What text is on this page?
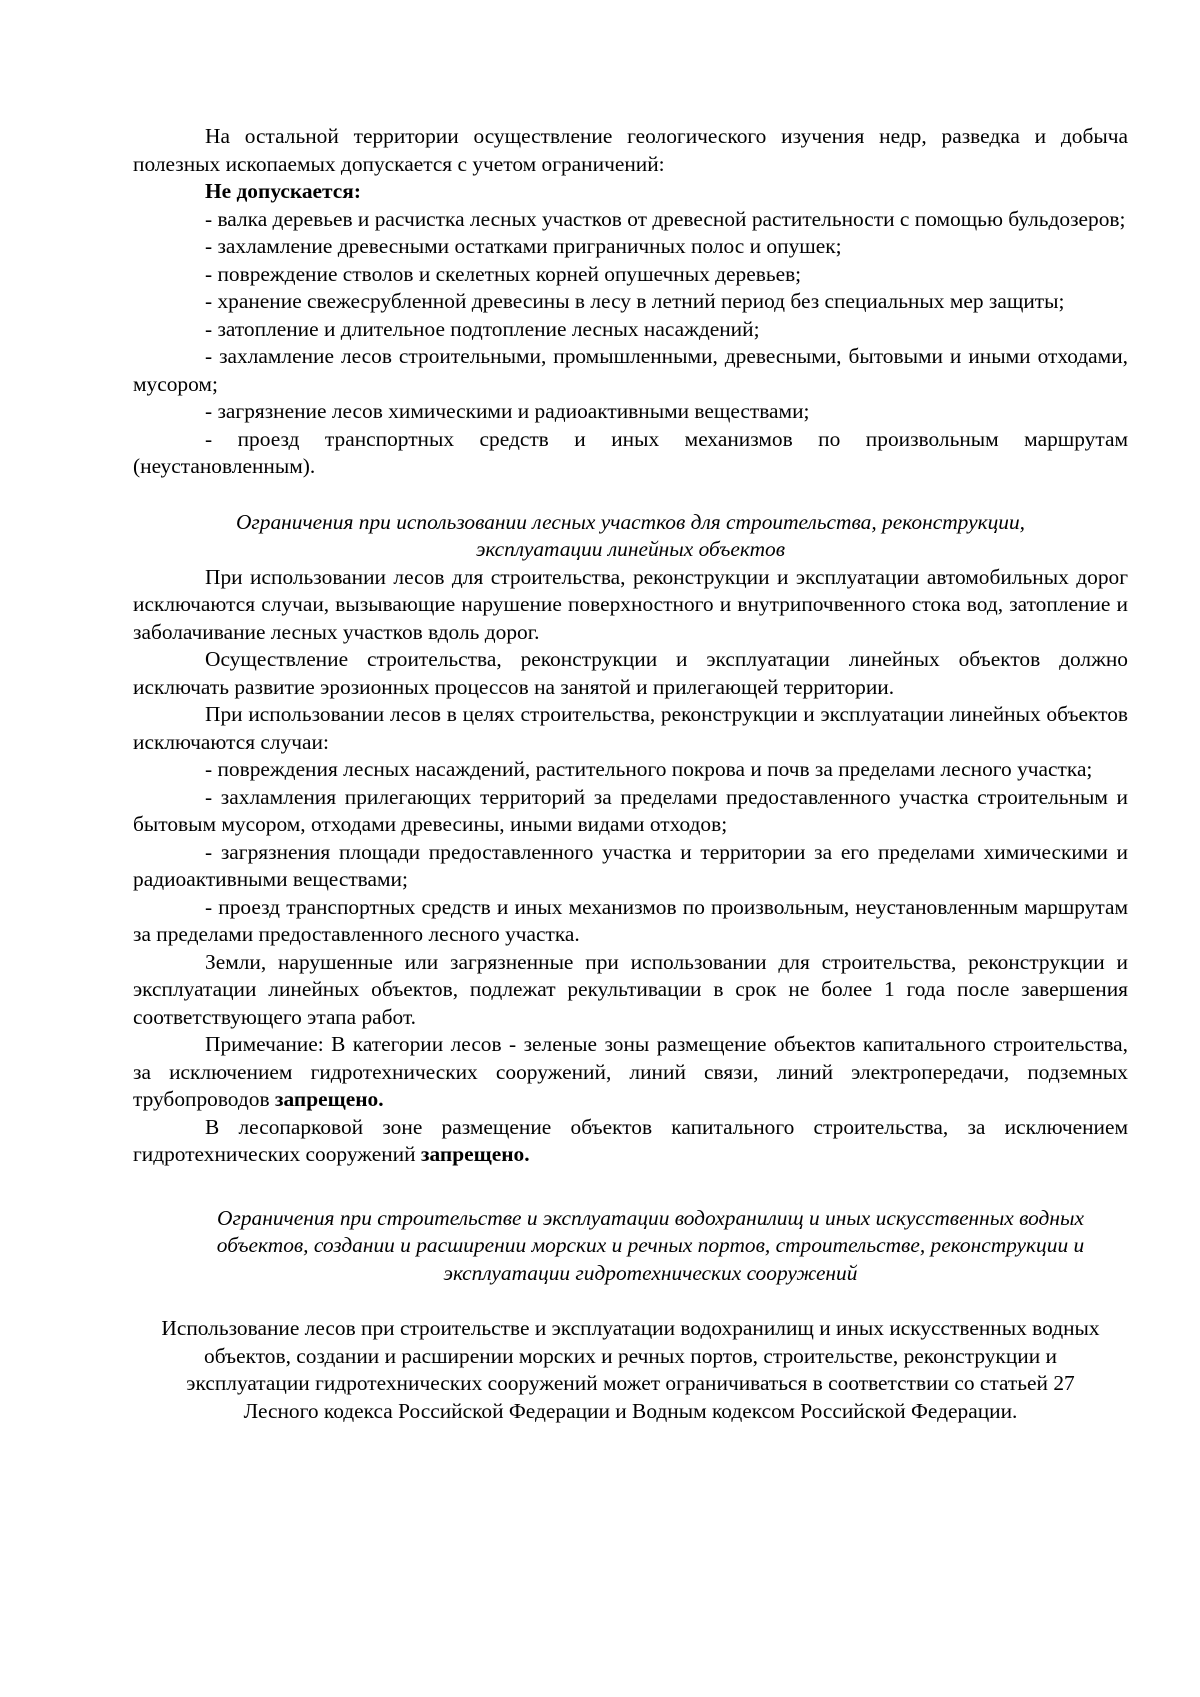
На остальной территории осуществление геологического изучения недр, разведка и добыча полезных ископаемых допускается с учетом ограничений:

Не допускается:

- валка деревьев и расчистка лесных участков от древесной растительности с помощью бульдозеров;

- захламление древесными остатками приграничных полос и опушек;

- повреждение стволов и скелетных корней опушечных деревьев;

- хранение свежесрубленной древесины в лесу в летний период без специальных мер защиты;

- затопление и длительное подтопление лесных насаждений;

- захламление лесов строительными, промышленными, древесными, бытовыми и иными отходами, мусором;

- загрязнение лесов химическими и радиоактивными веществами;

- проезд транспортных средств и иных механизмов по произвольным маршрутам (неустановленным).

Ограничения при использовании лесных участков для строительства, реконструкции, эксплуатации линейных объектов

При использовании лесов для строительства, реконструкции и эксплуатации автомобильных дорог исключаются случаи, вызывающие нарушение поверхностного и внутрипочвенного стока вод, затопление и заболачивание лесных участков вдоль дорог.

Осуществление строительства, реконструкции и эксплуатации линейных объектов должно исключать развитие эрозионных процессов на занятой и прилегающей территории.

При использовании лесов в целях строительства, реконструкции и эксплуатации линейных объектов исключаются случаи:

- повреждения лесных насаждений, растительного покрова и почв за пределами лесного участка;

- захламления прилегающих территорий за пределами предоставленного участка строительным и бытовым мусором, отходами древесины, иными видами отходов;

- загрязнения площади предоставленного участка и территории за его пределами химическими и радиоактивными веществами;

- проезд транспортных средств и иных механизмов по произвольным, неустановленным маршрутам за пределами предоставленного лесного участка.

Земли, нарушенные или загрязненные при использовании для строительства, реконструкции и эксплуатации линейных объектов, подлежат рекультивации в срок не более 1 года после завершения соответствующего этапа работ.

Примечание: В категории лесов - зеленые зоны размещение объектов капитального строительства, за исключением гидротехнических сооружений, линий связи, линий электропередачи, подземных трубопроводов запрещено.

В лесопарковой зоне размещение объектов капитального строительства, за исключением гидротехнических сооружений запрещено.

Ограничения при строительстве и эксплуатации водохранилищ и иных искусственных водных объектов, создании и расширении морских и речных портов, строительстве, реконструкции и эксплуатации гидротехнических сооружений

Использование лесов при строительстве и эксплуатации водохранилищ и иных искусственных водных объектов, создании и расширении морских и речных портов, строительстве, реконструкции и эксплуатации гидротехнических сооружений может ограничиваться в соответствии со статьей 27 Лесного кодекса Российской Федерации и Водным кодексом Российской Федерации.
